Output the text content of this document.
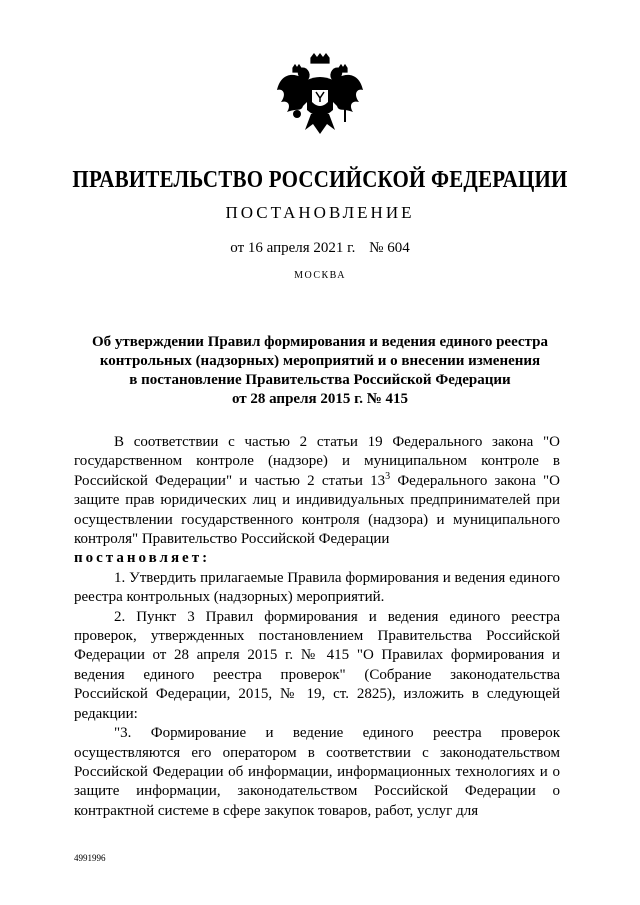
ПРАВИТЕЛЬСТВО РОССИЙСКОЙ ФЕДЕРАЦИИ
ПОСТАНОВЛЕНИЕ
от 16 апреля 2021 г. № 604
МОСКВА
Об утверждении Правил формирования и ведения единого реестра
контрольных (надзорных) мероприятий и о внесении изменения
в постановление Правительства Российской Федерации
от 28 апреля 2015 г. № 415

В соответствии с частью 2 статьи 19 Федерального закона "О государственном контроле (надзоре) и муниципальном контроле в Российской Федерации" и частью 2 статьи $13^3$ Федерального закона "О защите прав юридических лиц и индивидуальных предпринимателей при осуществлении государственного контроля (надзора) и муниципального контроля" Правительство Российской Федерации

постановляет:

1. Утвердить прилагаемые Правила формирования и ведения единого реестра контрольных (надзорных) мероприятий.

2. Пункт 3 Правил формирования и ведения единого реестра проверок, утвержденных постановлением Правительства Российской Федерации от 28 апреля 2015 г. № 415 "О Правилах формирования и ведения единого реестра проверок" (Собрание законодательства Российской Федерации, 2015, № 19, ст. 2825), изложить в следующей редакции:

"3. Формирование и ведение единого реестра проверок осуществляются его оператором в соответствии с законодательством Российской Федерации об информации, информационных технологиях и о защите информации, законодательством Российской Федерации о контрактной системе в сфере закупок товаров, работ, услуг для

4991996
